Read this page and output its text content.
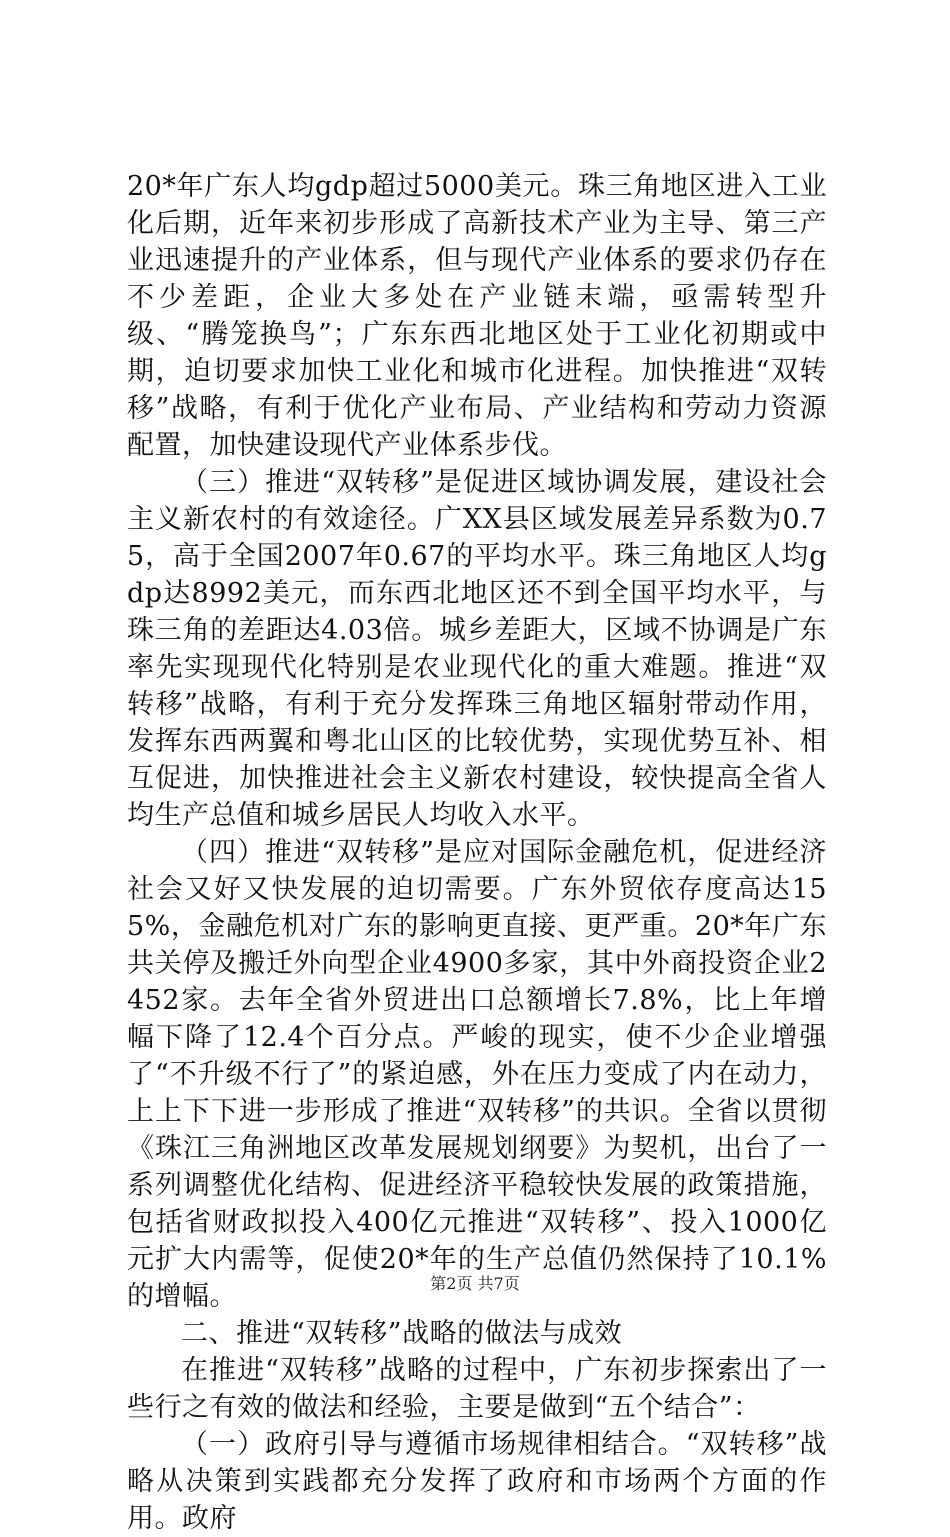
20*年广东人均gdp超过5000美元。珠三角地区进入工业化后期，近年来初步形成了高新技术产业为主导、第三产业迅速提升的产业体系，但与现代产业体系的要求仍存在不少差距，企业大多处在产业链末端，亟需转型升级、“腾笼换鸟”；广东东西北地区处于工业化初期或中期，迫切要求加快工业化和城市化进程。加快推进“双转移”战略，有利于优化产业布局、产业结构和劳动力资源配置，加快建设现代产业体系步伐。

（三）推进“双转移”是促进区域协调发展，建设社会主义新农村的有效途径。广XX县区域发展差异系数为0.75，高于全国2007年0.67的平均水平。珠三角地区人均gdp达8992美元，而东西北地区还不到全国平均水平，与珠三角的差距达4.03倍。城乡差距大，区域不协调是广东率先实现现代化特别是农业现代化的重大难题。推进“双转移”战略，有利于充分发挥珠三角地区辐射带动作用，发挥东西两翼和粤北山区的比较优势，实现优势互补、相互促进，加快推进社会主义新农村建设，较快提高全省人均生产总值和城乡居民人均收入水平。

（四）推进“双转移”是应对国际金融危机，促进经济社会又好又快发展的迫切需要。广东外贸依存度高达155%，金融危机对广东的影响更直接、更严重。20*年广东共关停及搬迁外向型企业4900多家，其中外商投资企业2452家。去年全省外贸进出口总额增长7.8%，比上年增幅下降了12.4个百分点。严峻的现实，使不少企业增强了“不升级不行了”的紧迫感，外在压力变成了内在动力，上上下下进一步形成了推进“双转移”的共识。全省以贯彻《珠江三角洲地区改革发展规划纲要》为契机，出台了一系列调整优化结构、促进经济平稳较快发展的政策措施，包括省财政拟投入400亿元推进“双转移”、投入1000亿元扩大内需等，促使20*年的生产总值仍然保持了10.1%的增幅。

二、推进“双转移”战略的做法与成效

在推进“双转移”战略的过程中，广东初步探索出了一些行之有效的做法和经验，主要是做到“五个结合”：

（一）政府引导与遵循市场规律相结合。“双转移”战略从决策到实践都充分发挥了政府和市场两个方面的作用。政府

第2页 共7页
